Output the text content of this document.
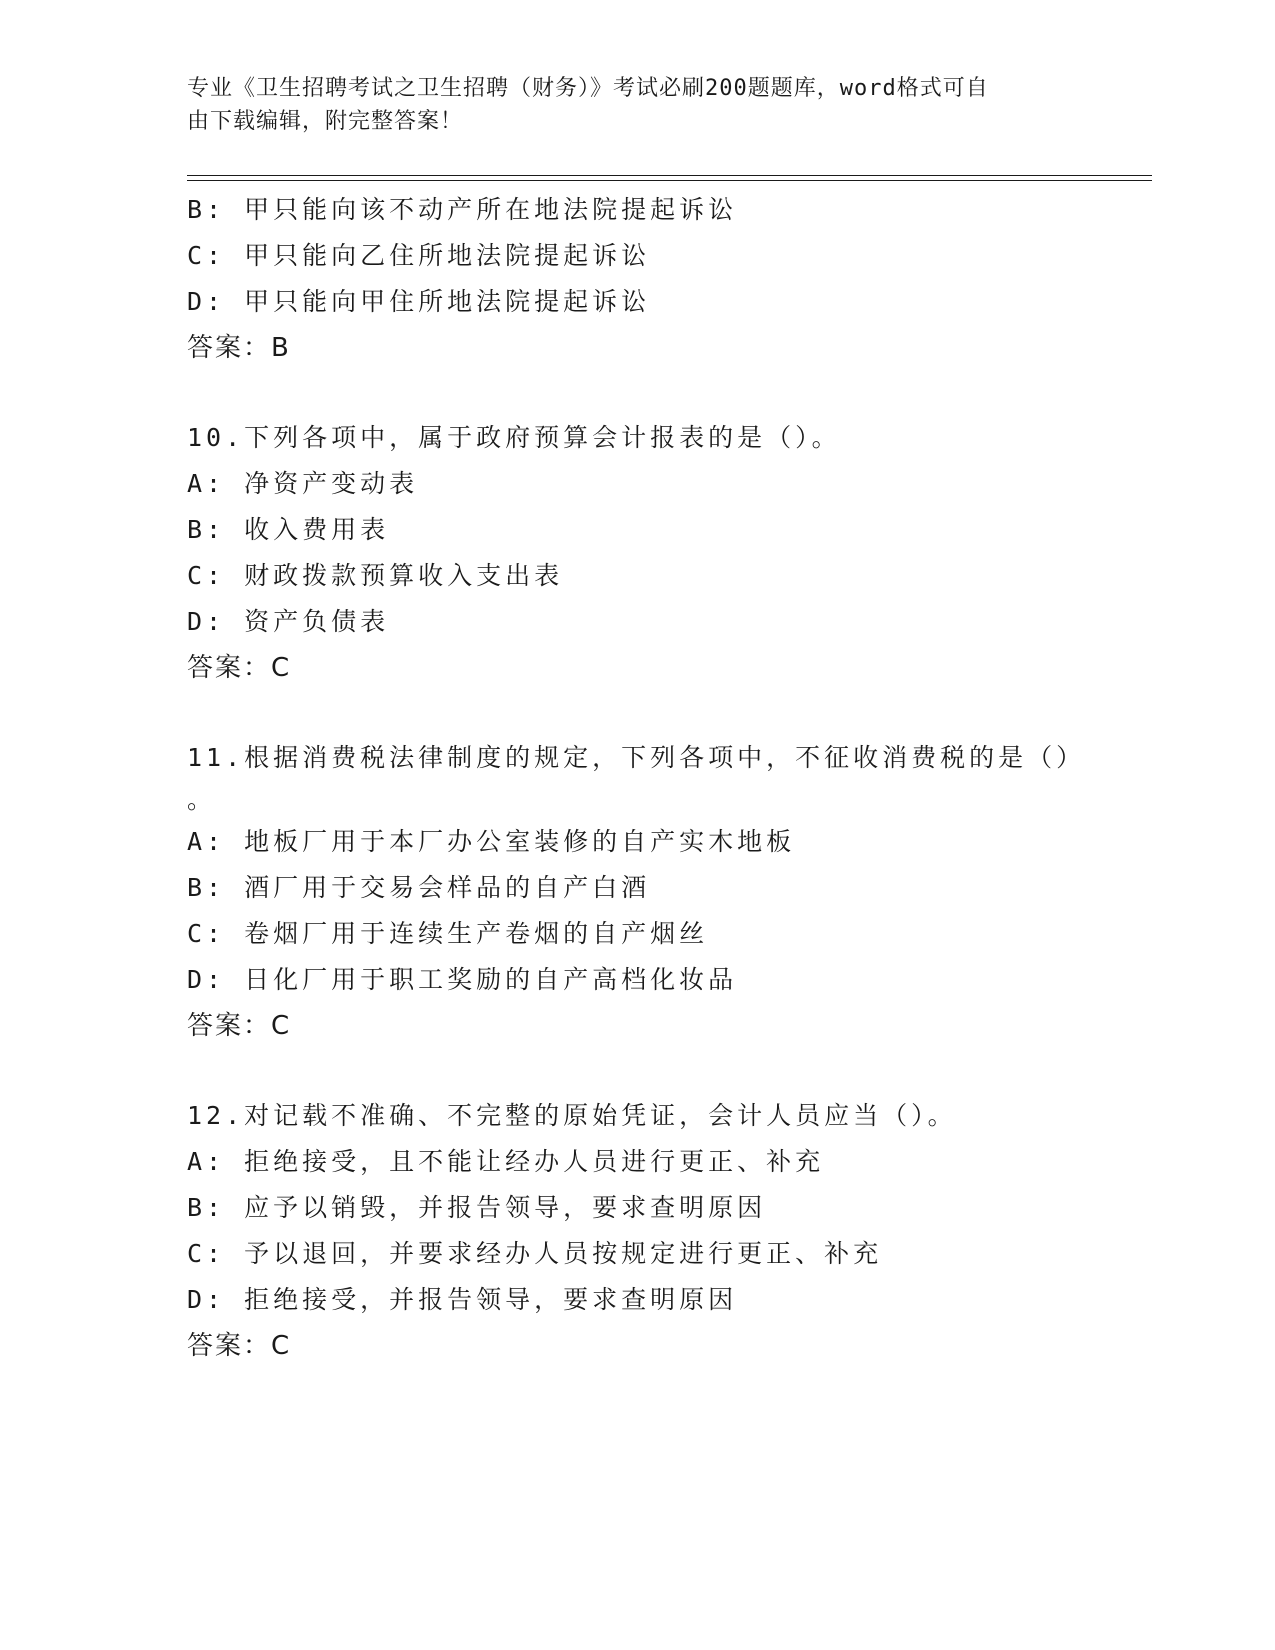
专业《卫生招聘考试之卫生招聘（财务）》考试必刷200题题库，word格式可自
由下载编辑，附完整答案！
B: 甲只能向该不动产所在地法院提起诉讼
C: 甲只能向乙住所地法院提起诉讼
D: 甲只能向甲住所地法院提起诉讼
答案：B
10.下列各项中，属于政府预算会计报表的是（）。
A: 净资产变动表
B: 收入费用表
C: 财政拨款预算收入支出表
D: 资产负债表
答案：C
11.根据消费税法律制度的规定，下列各项中，不征收消费税的是（）
。
A: 地板厂用于本厂办公室装修的自产实木地板
B: 酒厂用于交易会样品的自产白酒
C: 卷烟厂用于连续生产卷烟的自产烟丝
D: 日化厂用于职工奖励的自产高档化妆品
答案：C
12.对记载不准确、不完整的原始凭证，会计人员应当（）。
A: 拒绝接受，且不能让经办人员进行更正、补充
B: 应予以销毁，并报告领导，要求查明原因
C: 予以退回，并要求经办人员按规定进行更正、补充
D: 拒绝接受，并报告领导，要求查明原因
答案：C
